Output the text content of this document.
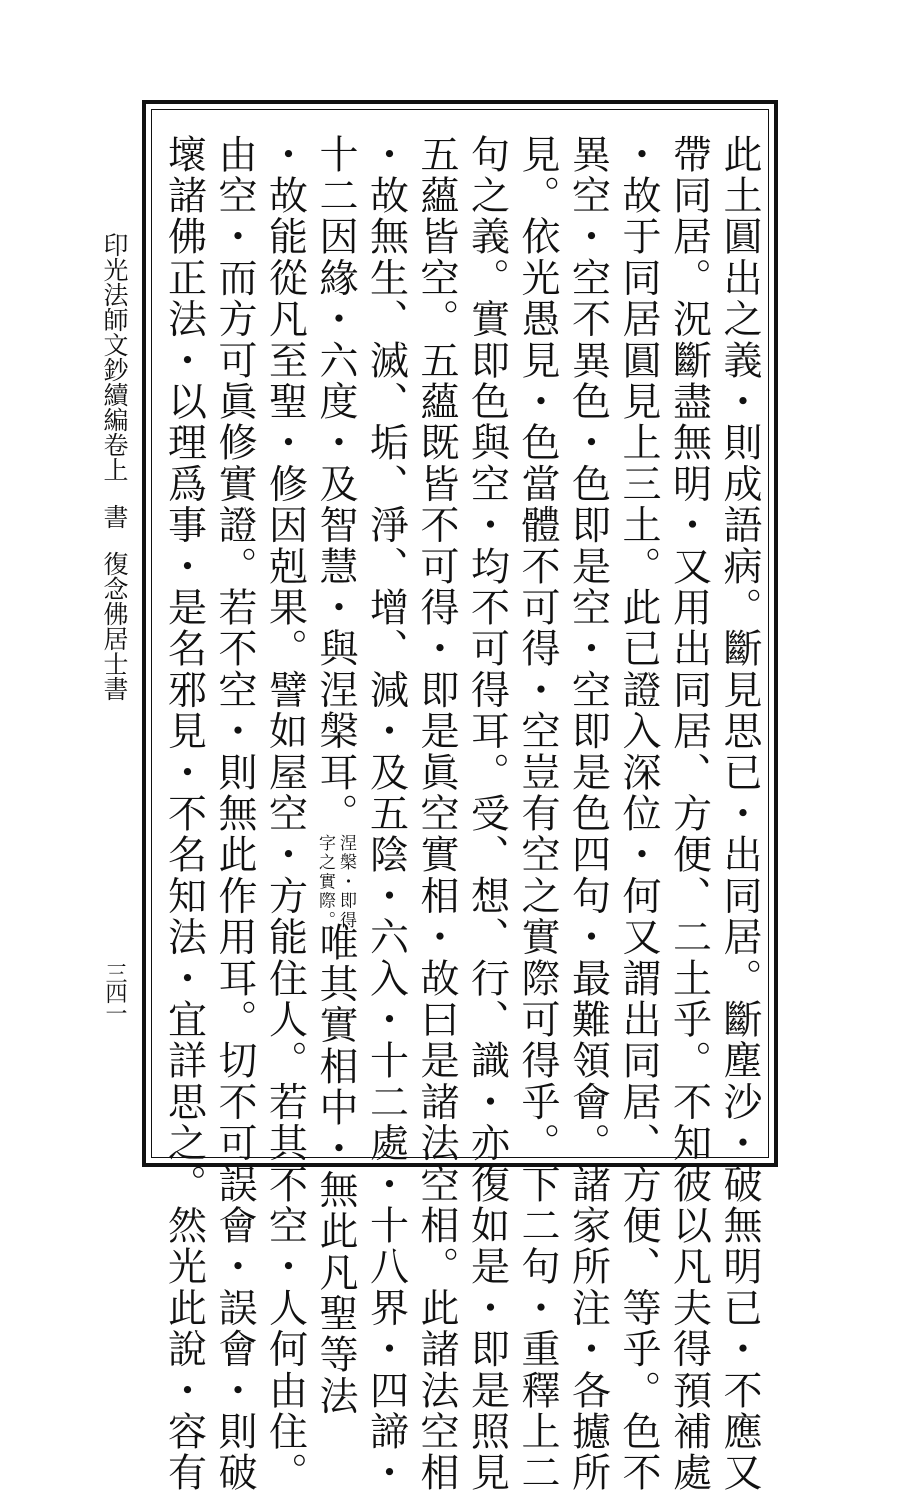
印光法師文鈔續編卷上書復念佛居士書
三四一	此土圓出之義・則成語病。斷見思已・出同居。斷塵沙・破無明已・不應又
帶同居。況斷盡無明・又用出同居、方便、二土乎。不知彼以凡夫得預補處
・故于同居圓見上三土。此已證入深位・何又謂出同居、方便、等乎。色不
異空・空不異色・色即是空・空即是色四句・最難領會。諸家所注・各攄所
見。依光愚見・色當體不可得・空豈有空之實際可得乎。下二句・重釋上二
句之義。實即色與空・均不可得耳。受、想、行、識・亦復如是・即是照見
五蘊皆空。五蘊既皆不可得・即是眞空實相・故曰是諸法空相。此諸法空相
・故無生、滅、垢、淨、增、減・及五陰・六入・十二處・十八界・四諦・
十二因緣・六度・及智慧・與涅槃耳。
涅槃・即得
字之實際。
唯其實相中・無此凡聖等法
・故能從凡至聖・修因剋果。譬如屋空・方能住人。若其不空・人何由住。
由空・而方可眞修實證。若不空・則無此作用耳。切不可誤會・誤會・則破
壞諸佛正法・以理爲事・是名邪見・不名知法・宜詳思之。然光此說・容有
